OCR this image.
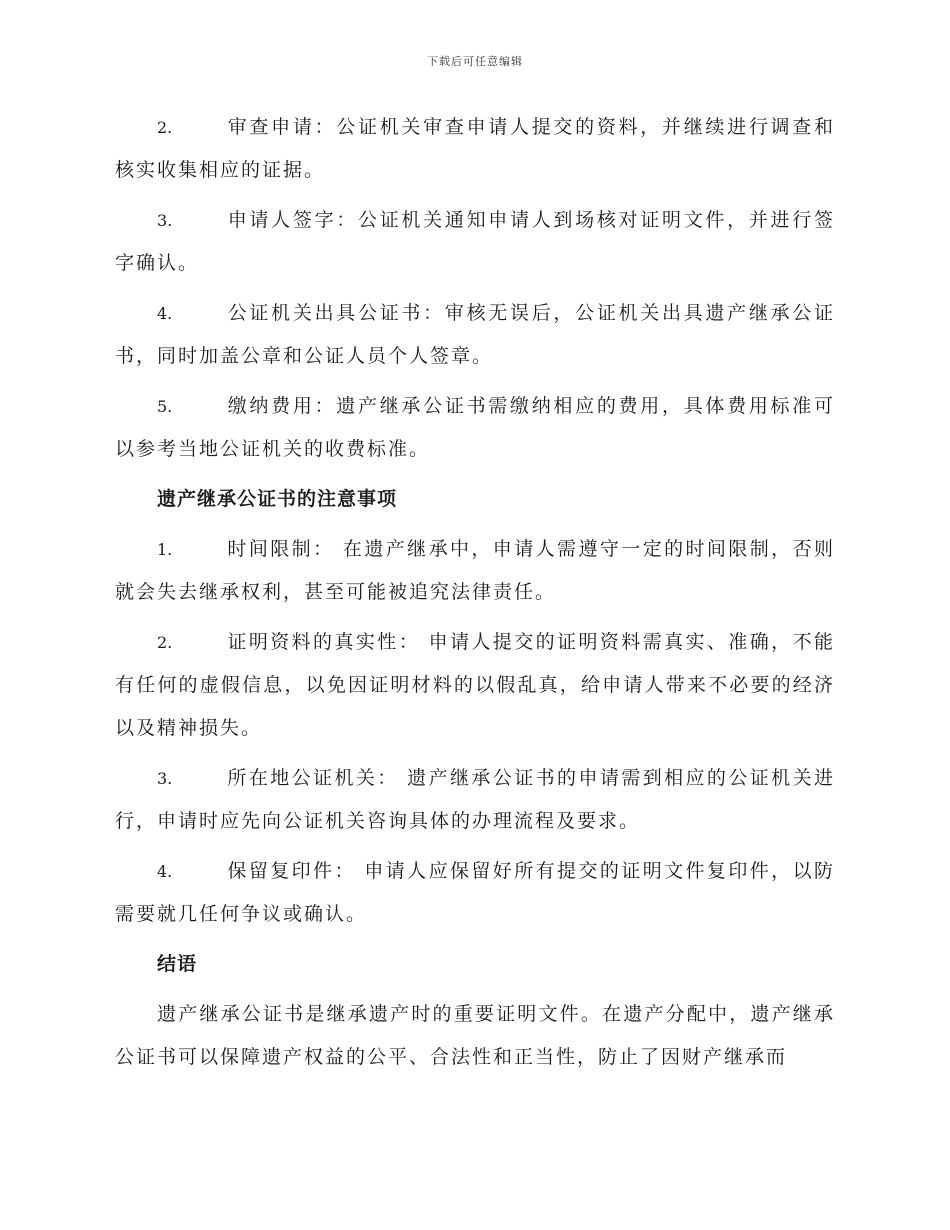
下载后可任意编辑
2.	审查申请：公证机关审查申请人提交的资料，并继续进行调查和核实收集相应的证据。
3.	申请人签字：公证机关通知申请人到场核对证明文件，并进行签字确认。
4.	公证机关出具公证书：审核无误后，公证机关出具遗产继承公证书，同时加盖公章和公证人员个人签章。
5.	缴纳费用：遗产继承公证书需缴纳相应的费用，具体费用标准可以参考当地公证机关的收费标准。
遗产继承公证书的注意事项
1.	时间限制： 在遗产继承中，申请人需遵守一定的时间限制，否则就会失去继承权利，甚至可能被追究法律责任。
2.	证明资料的真实性： 申请人提交的证明资料需真实、准确，不能有任何的虚假信息，以免因证明材料的以假乱真，给申请人带来不必要的经济以及精神损失。
3.	所在地公证机关： 遗产继承公证书的申请需到相应的公证机关进行，申请时应先向公证机关咨询具体的办理流程及要求。
4.	保留复印件： 申请人应保留好所有提交的证明文件复印件，以防需要就几任何争议或确认。
结语

遗产继承公证书是继承遗产时的重要证明文件。在遗产分配中，遗产继承公证书可以保障遗产权益的公平、合法性和正当性，防止了因财产继承而
